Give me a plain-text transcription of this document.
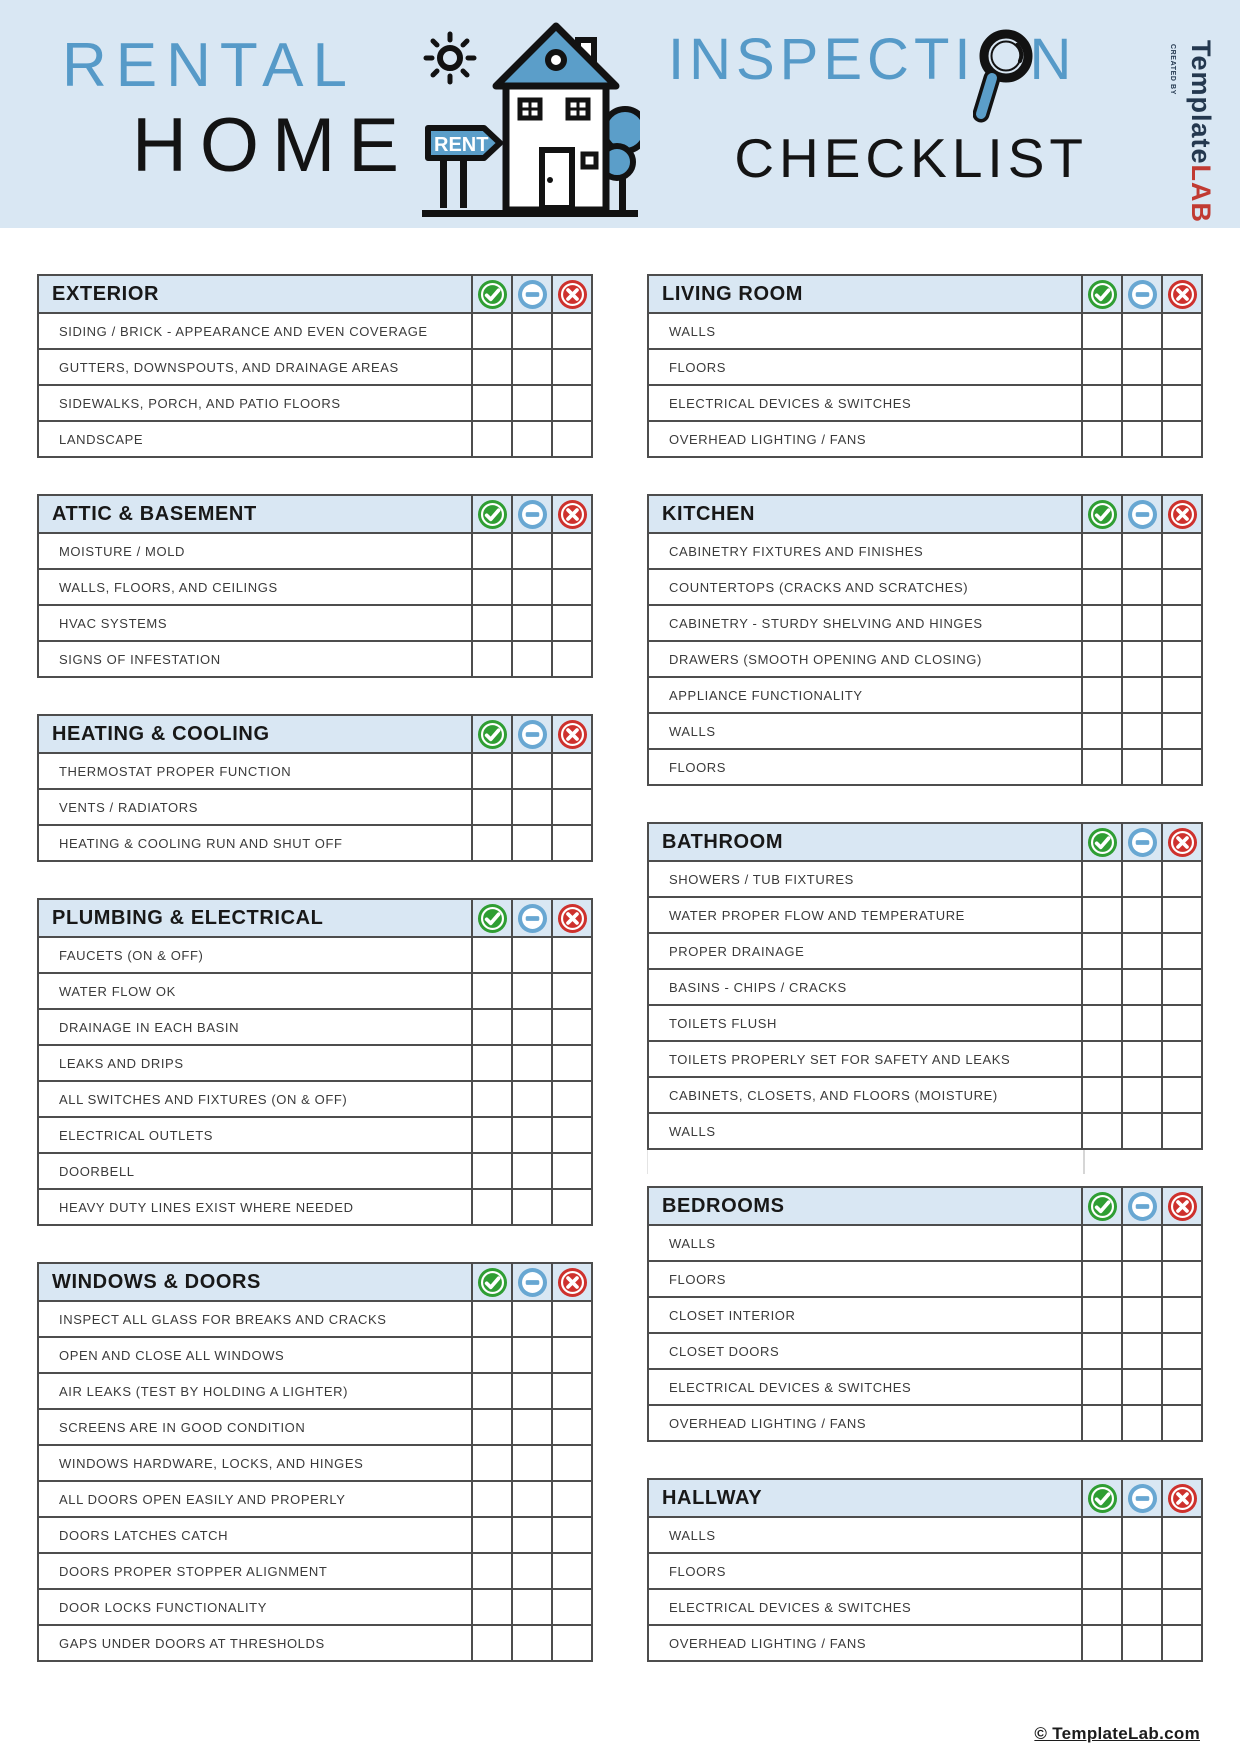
RENTAL
HOME
INSPECTI N
CHECKLIST
RENT
CREATED BY TemplateLAB
EXTERIOR	

SIDING / BRICK - APPEARANCE AND EVEN COVERAGE			
GUTTERS, DOWNSPOUTS, AND DRAINAGE AREAS			
SIDEWALKS, PORCH, AND PATIO FLOORS			
LANDSCAPE			
ATTIC & BASEMENT	

MOISTURE / MOLD			
WALLS, FLOORS, AND CEILINGS			
HVAC SYSTEMS			
SIGNS OF INFESTATION			
HEATING & COOLING	

THERMOSTAT PROPER FUNCTION			
VENTS / RADIATORS			
HEATING & COOLING RUN AND SHUT OFF			
PLUMBING & ELECTRICAL	

FAUCETS (ON & OFF)			
WATER FLOW OK			
DRAINAGE IN EACH BASIN			
LEAKS AND DRIPS			
ALL SWITCHES AND FIXTURES (ON & OFF)			
ELECTRICAL OUTLETS			
DOORBELL			
HEAVY DUTY LINES EXIST WHERE NEEDED			
WINDOWS & DOORS	

INSPECT ALL GLASS FOR BREAKS AND CRACKS			
OPEN AND CLOSE ALL WINDOWS			
AIR LEAKS (TEST BY HOLDING A LIGHTER)			
SCREENS ARE IN GOOD CONDITION			
WINDOWS HARDWARE, LOCKS, AND HINGES			
ALL DOORS OPEN EASILY AND PROPERLY			
DOORS LATCHES CATCH			
DOORS PROPER STOPPER ALIGNMENT			
DOOR LOCKS FUNCTIONALITY			
GAPS UNDER DOORS AT THRESHOLDS			
LIVING ROOM	

WALLS			
FLOORS			
ELECTRICAL DEVICES & SWITCHES			
OVERHEAD LIGHTING / FANS			
KITCHEN	

CABINETRY FIXTURES AND FINISHES			
COUNTERTOPS (CRACKS AND SCRATCHES)			
CABINETRY - STURDY SHELVING AND HINGES			
DRAWERS (SMOOTH OPENING AND CLOSING)			
APPLIANCE FUNCTIONALITY			
WALLS			
FLOORS			
BATHROOM	

SHOWERS / TUB FIXTURES			
WATER PROPER FLOW AND TEMPERATURE			
PROPER DRAINAGE			
BASINS - CHIPS / CRACKS			
TOILETS FLUSH			
TOILETS PROPERLY SET FOR SAFETY AND LEAKS			
CABINETS, CLOSETS, AND FLOORS (MOISTURE)			
WALLS			
BEDROOMS	

WALLS			
FLOORS			
CLOSET INTERIOR			
CLOSET DOORS			
ELECTRICAL DEVICES & SWITCHES			
OVERHEAD LIGHTING / FANS			
HALLWAY	

WALLS			
FLOORS			
ELECTRICAL DEVICES & SWITCHES			
OVERHEAD LIGHTING / FANS			
© TemplateLab.com
